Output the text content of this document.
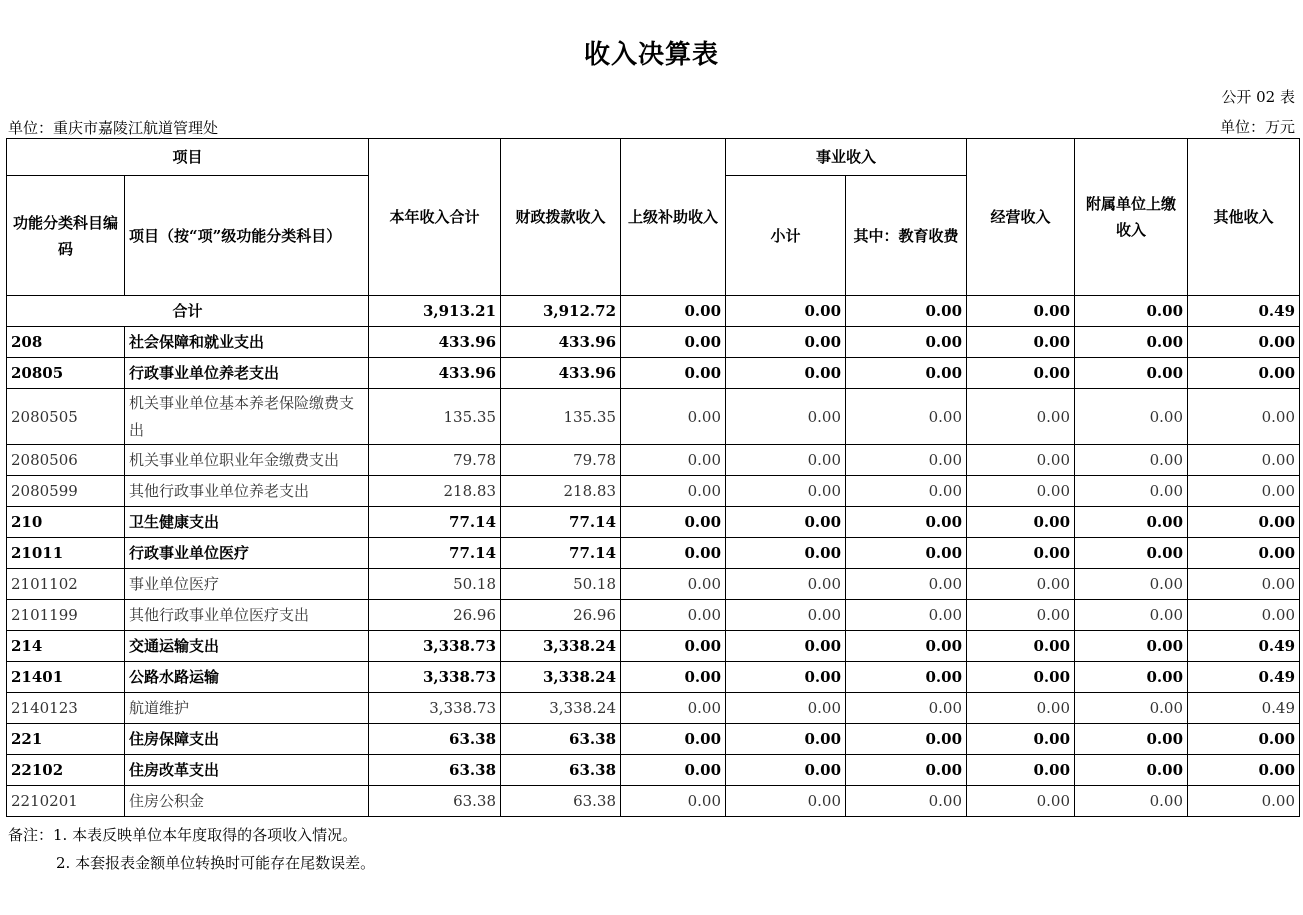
收入决算表
公开 02 表
单位：重庆市嘉陵江航道管理处	单位：万元
项目		本年收入合计	财政拨款收入	上级补助收入	事业收入		经营收入	附属单位上缴收入	其他收入
功能分类科目编码	项目（按“项”级功能分类科目）				小计	其中：教育收费			
合计		3,913.21	3,912.72	0.00	0.00	0.00	0.00	0.00	0.49
208	社会保障和就业支出	433.96	433.96	0.00	0.00	0.00	0.00	0.00	0.00
20805	行政事业单位养老支出	433.96	433.96	0.00	0.00	0.00	0.00	0.00	0.00
2080505	机关事业单位基本养老保险缴费支出	135.35	135.35	0.00	0.00	0.00	0.00	0.00	0.00
2080506	机关事业单位职业年金缴费支出	79.78	79.78	0.00	0.00	0.00	0.00	0.00	0.00
2080599	其他行政事业单位养老支出	218.83	218.83	0.00	0.00	0.00	0.00	0.00	0.00
210	卫生健康支出	77.14	77.14	0.00	0.00	0.00	0.00	0.00	0.00
21011	行政事业单位医疗	77.14	77.14	0.00	0.00	0.00	0.00	0.00	0.00
2101102	事业单位医疗	50.18	50.18	0.00	0.00	0.00	0.00	0.00	0.00
2101199	其他行政事业单位医疗支出	26.96	26.96	0.00	0.00	0.00	0.00	0.00	0.00
214	交通运输支出	3,338.73	3,338.24	0.00	0.00	0.00	0.00	0.00	0.49
21401	公路水路运输	3,338.73	3,338.24	0.00	0.00	0.00	0.00	0.00	0.49
2140123	航道维护	3,338.73	3,338.24	0.00	0.00	0.00	0.00	0.00	0.49
221	住房保障支出	63.38	63.38	0.00	0.00	0.00	0.00	0.00	0.00
22102	住房改革支出	63.38	63.38	0.00	0.00	0.00	0.00	0.00	0.00
2210201	住房公积金	63.38	63.38	0.00	0.00	0.00	0.00	0.00	0.00
备注：1. 本表反映单位本年度取得的各项收入情况。
2. 本套报表金额单位转换时可能存在尾数误差。
